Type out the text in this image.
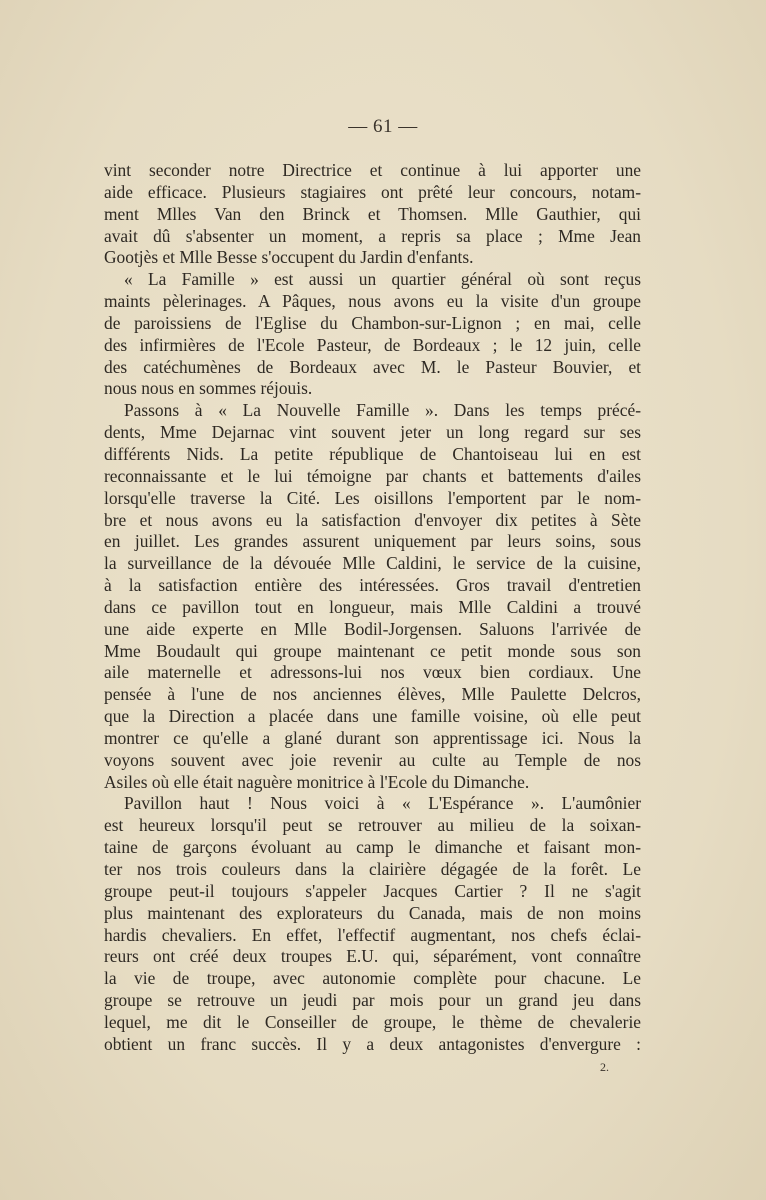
— 61 —
vint seconder notre Directrice et continue à lui apporter une
aide efficace. Plusieurs stagiaires ont prêté leur concours, notam-
ment Mlles Van den Brinck et Thomsen. Mlle Gauthier, qui
avait dû s'absenter un moment, a repris sa place ; Mme Jean
Gootjès et Mlle Besse s'occupent du Jardin d'enfants.
« La Famille » est aussi un quartier général où sont reçus
maints pèlerinages. A Pâques, nous avons eu la visite d'un groupe
de paroissiens de l'Eglise du Chambon-sur-Lignon ; en mai, celle
des infirmières de l'Ecole Pasteur, de Bordeaux ; le 12 juin, celle
des catéchumènes de Bordeaux avec M. le Pasteur Bouvier, et
nous nous en sommes réjouis.
Passons à « La Nouvelle Famille ». Dans les temps précé-
dents, Mme Dejarnac vint souvent jeter un long regard sur ses
différents Nids. La petite république de Chantoiseau lui en est
reconnaissante et le lui témoigne par chants et battements d'ailes
lorsqu'elle traverse la Cité. Les oisillons l'emportent par le nom-
bre et nous avons eu la satisfaction d'envoyer dix petites à Sète
en juillet. Les grandes assurent uniquement par leurs soins, sous
la surveillance de la dévouée Mlle Caldini, le service de la cuisine,
à la satisfaction entière des intéressées. Gros travail d'entretien
dans ce pavillon tout en longueur, mais Mlle Caldini a trouvé
une aide experte en Mlle Bodil-Jorgensen. Saluons l'arrivée de
Mme Boudault qui groupe maintenant ce petit monde sous son
aile maternelle et adressons-lui nos vœux bien cordiaux. Une
pensée à l'une de nos anciennes élèves, Mlle Paulette Delcros,
que la Direction a placée dans une famille voisine, où elle peut
montrer ce qu'elle a glané durant son apprentissage ici. Nous la
voyons souvent avec joie revenir au culte au Temple de nos
Asiles où elle était naguère monitrice à l'Ecole du Dimanche.
Pavillon haut ! Nous voici à « L'Espérance ». L'aumônier
est heureux lorsqu'il peut se retrouver au milieu de la soixan-
taine de garçons évoluant au camp le dimanche et faisant mon-
ter nos trois couleurs dans la clairière dégagée de la forêt. Le
groupe peut-il toujours s'appeler Jacques Cartier ? Il ne s'agit
plus maintenant des explorateurs du Canada, mais de non moins
hardis chevaliers. En effet, l'effectif augmentant, nos chefs éclai-
reurs ont créé deux troupes E.U. qui, séparément, vont connaître
la vie de troupe, avec autonomie complète pour chacune. Le
groupe se retrouve un jeudi par mois pour un grand jeu dans
lequel, me dit le Conseiller de groupe, le thème de chevalerie
obtient un franc succès. Il y a deux antagonistes d'envergure :
2.
